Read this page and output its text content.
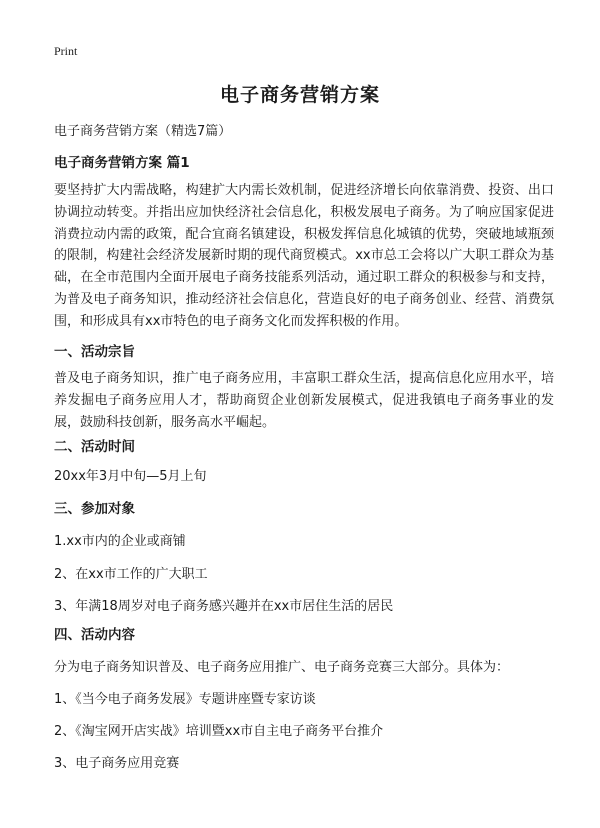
Print
电子商务营销方案
电子商务营销方案（精选7篇）
电子商务营销方案 篇1
要坚持扩大内需战略，构建扩大内需长效机制，促进经济增长向依靠消费、投资、出口协调拉动转变。并指出应加快经济社会信息化，积极发展电子商务。为了响应国家促进消费拉动内需的政策，配合宜商名镇建设，积极发挥信息化城镇的优势，突破地域瓶颈的限制，构建社会经济发展新时期的现代商贸模式。xx市总工会将以广大职工群众为基础，在全市范围内全面开展电子商务技能系列活动，通过职工群众的积极参与和支持，为普及电子商务知识，推动经济社会信息化，营造良好的电子商务创业、经营、消费氛围，和形成具有xx市特色的电子商务文化而发挥积极的作用。
一、活动宗旨
普及电子商务知识，推广电子商务应用，丰富职工群众生活，提高信息化应用水平，培养发掘电子商务应用人才，帮助商贸企业创新发展模式，促进我镇电子商务事业的发展，鼓励科技创新，服务高水平崛起。
二、活动时间
20xx年3月中旬—5月上旬
三、参加对象
1.xx市内的企业或商铺
2、在xx市工作的广大职工
3、年满18周岁对电子商务感兴趣并在xx市居住生活的居民
四、活动内容
分为电子商务知识普及、电子商务应用推广、电子商务竞赛三大部分。具体为：
1、《当今电子商务发展》专题讲座暨专家访谈
2、《淘宝网开店实战》培训暨xx市自主电子商务平台推介
3、电子商务应用竞赛
